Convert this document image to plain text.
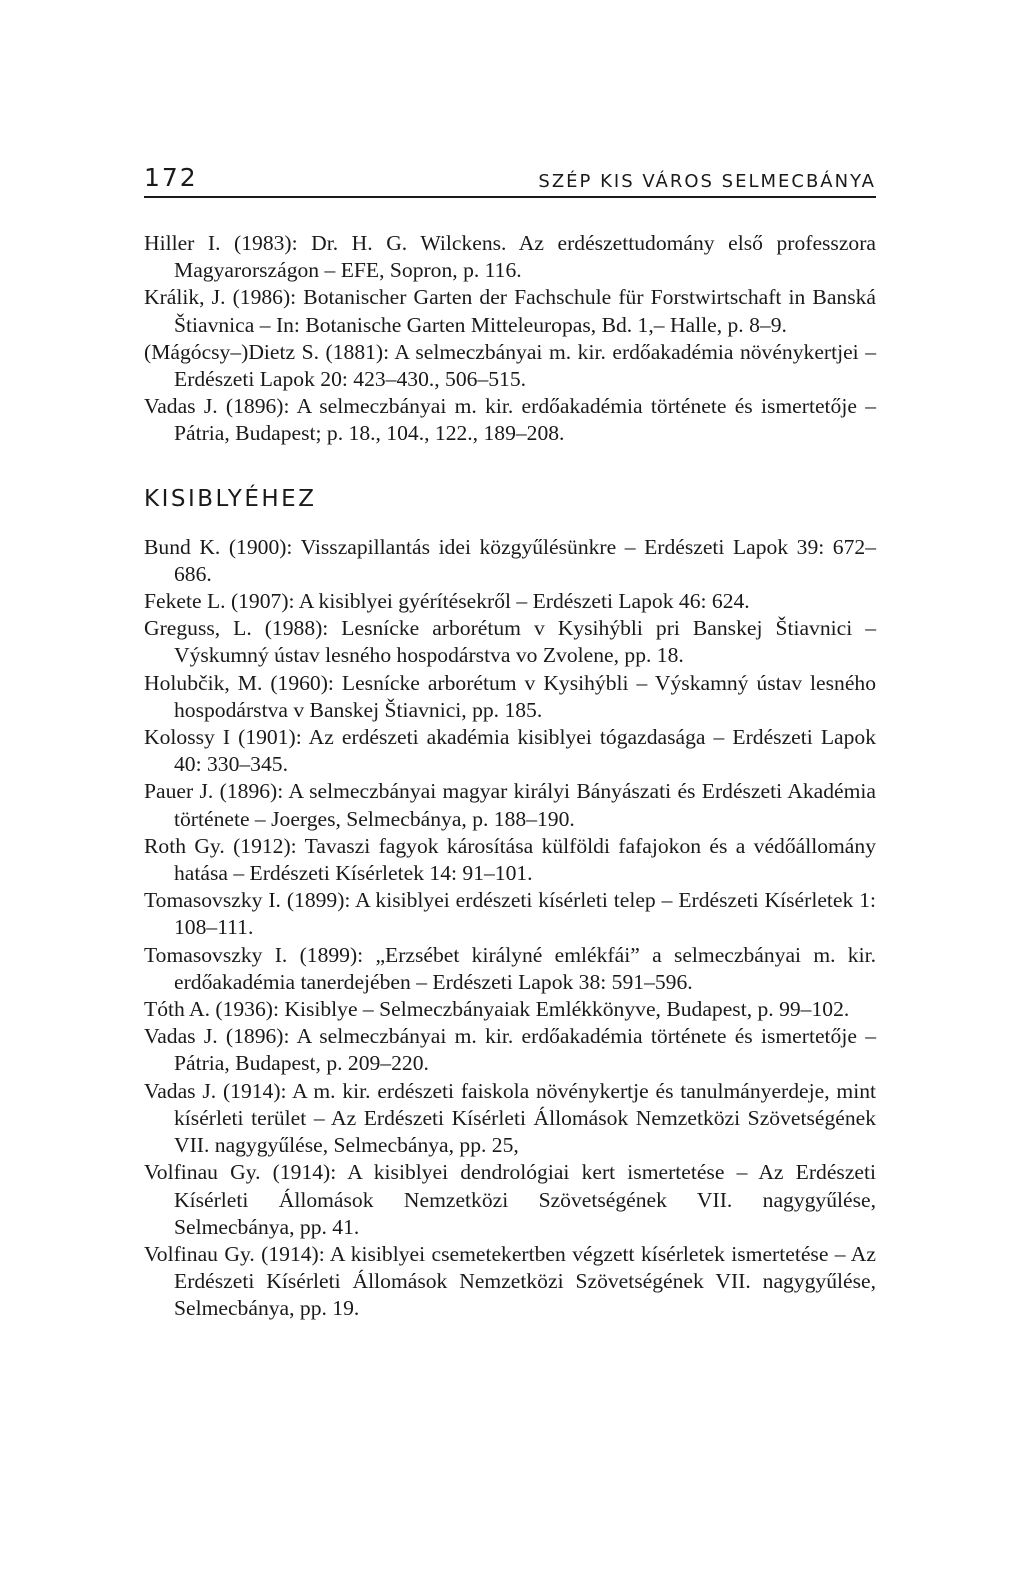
172	SZÉP KIS VÁROS SELMECBÁNYA
Hiller I. (1983): Dr. H. G. Wilckens. Az erdészettudomány első professzora Magyarországon – EFE, Sopron, p. 116.
Králik, J. (1986): Botanischer Garten der Fachschule für Forstwirtschaft in Banská Štiavnica – In: Botanische Garten Mitteleuropas, Bd. 1,– Halle, p. 8–9.
(Mágócsy–)Dietz S. (1881): A selmeczbányai m. kir. erdőakadémia növénykertjei – Erdészeti Lapok 20: 423–430., 506–515.
Vadas J. (1896): A selmeczbányai m. kir. erdőakadémia története és ismertetője – Pátria, Budapest; p. 18., 104., 122., 189–208.
KISIBLYÉHEZ
Bund K. (1900): Visszapillantás idei közgyűlésünkre – Erdészeti Lapok 39: 672–686.
Fekete L. (1907): A kisiblyei gyérítésekről – Erdészeti Lapok 46: 624.
Greguss, L. (1988): Lesnícke arborétum v Kysihýbli pri Banskej Štiavnici – Výskumný ústav lesného hospodárstva vo Zvolene, pp. 18.
Holubčik, M. (1960): Lesnícke arborétum v Kysihýbli – Výskamný ústav lesného hospodárstva v Banskej Štiavnici, pp. 185.
Kolossy I (1901): Az erdészeti akadémia kisiblyei tógazdasága – Erdészeti Lapok 40: 330–345.
Pauer J. (1896): A selmeczbányai magyar királyi Bányászati és Erdészeti Akadémia története – Joerges, Selmecbánya, p. 188–190.
Roth Gy. (1912): Tavaszi fagyok károsítása külföldi fafajokon és a védőállomány hatása – Erdészeti Kísérletek 14: 91–101.
Tomasovszky I. (1899): A kisiblyei erdészeti kísérleti telep – Erdészeti Kísérletek 1: 108–111.
Tomasovszky I. (1899): „Erzsébet királyné emlékfái” a selmeczbányai m. kir. erdőakadémia tanerdejében – Erdészeti Lapok 38: 591–596.
Tóth A. (1936): Kisiblye – Selmeczbányaiak Emlékkönyve, Budapest, p. 99–102.
Vadas J. (1896): A selmeczbányai m. kir. erdőakadémia története és ismertetője – Pátria, Budapest, p. 209–220.
Vadas J. (1914): A m. kir. erdészeti faiskola növénykertje és tanulmányerdeje, mint kísérleti terület – Az Erdészeti Kísérleti Állomások Nemzetközi Szövetségének VII. nagygyűlése, Selmecbánya, pp. 25,
Volfinau Gy. (1914): A kisiblyei dendrológiai kert ismertetése – Az Erdészeti Kísérleti Állomások Nemzetközi Szövetségének VII. nagygyűlése, Selmecbánya, pp. 41.
Volfinau Gy. (1914): A kisiblyei csemetekertben végzett kísérletek ismertetése – Az Erdészeti Kísérleti Állomások Nemzetközi Szövetségének VII. nagygyűlése, Selmecbánya, pp. 19.
